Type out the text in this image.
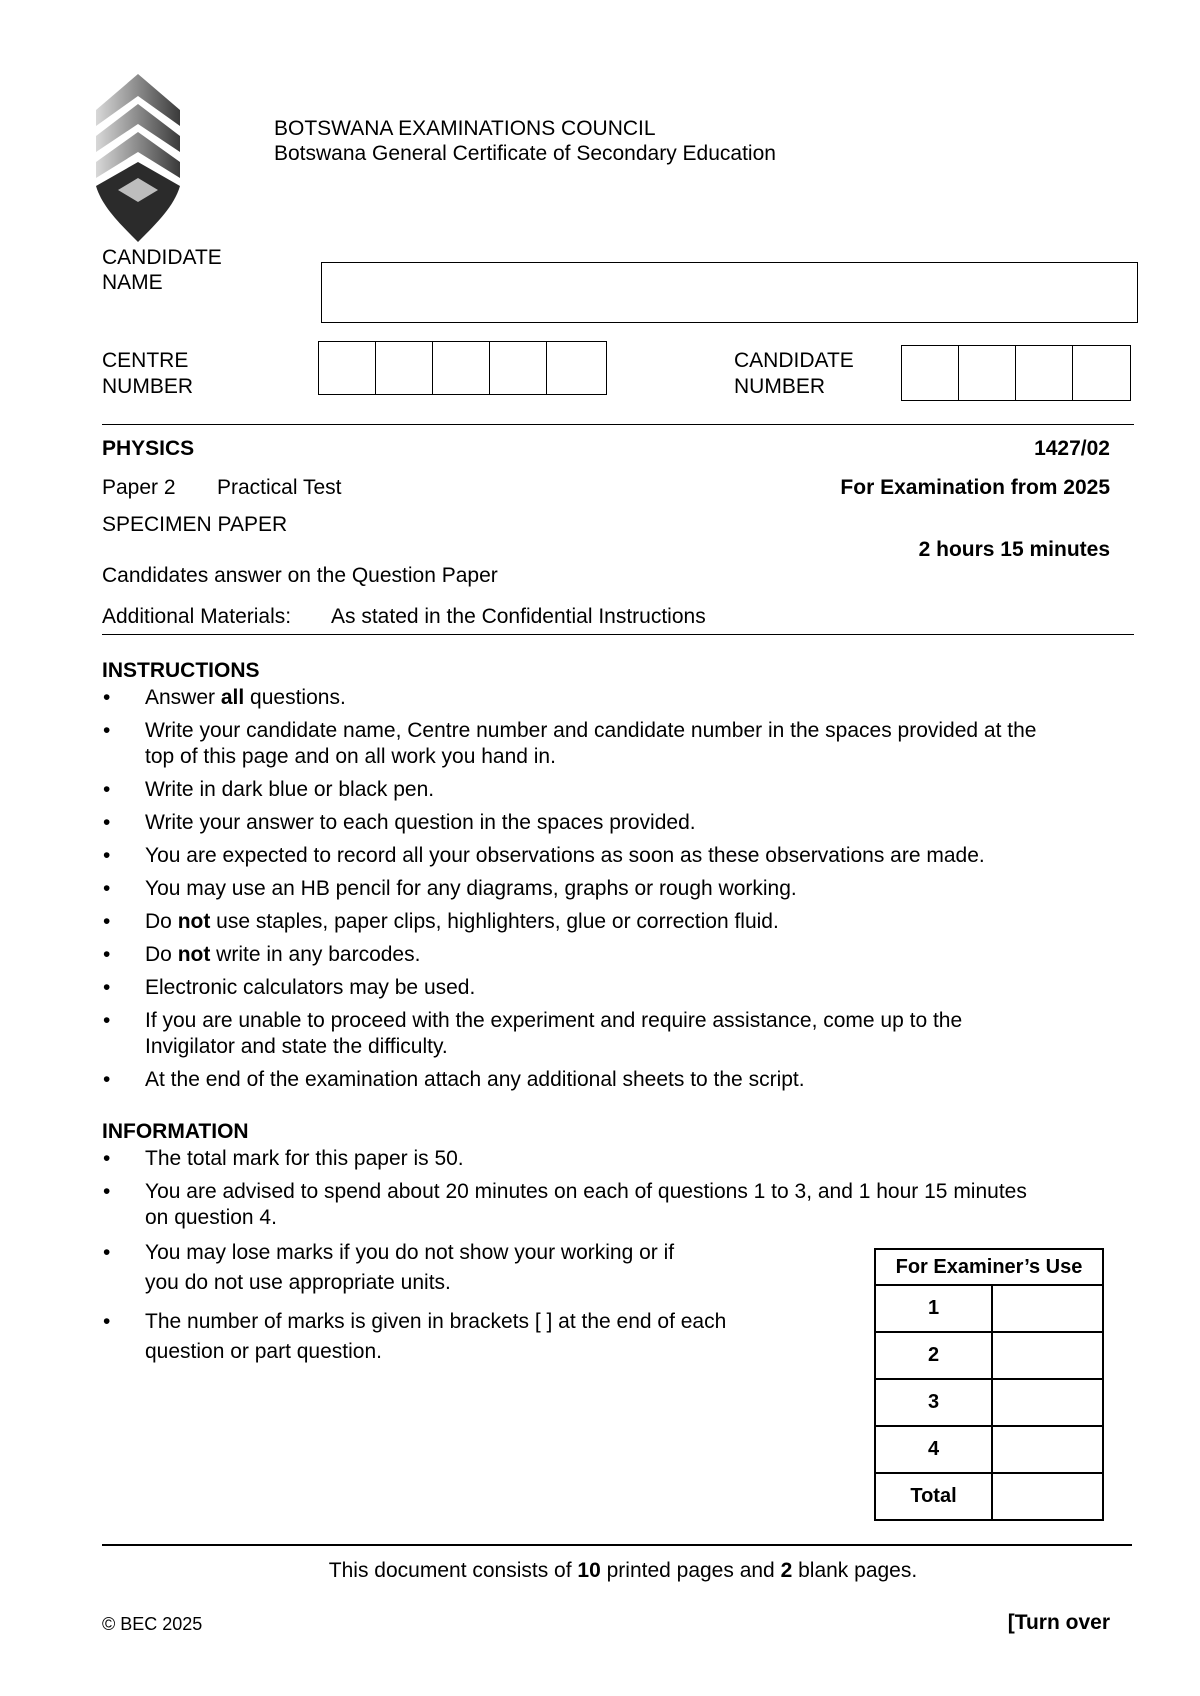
BOTSWANA EXAMINATIONS COUNCIL
Botswana General Certificate of Secondary Education
CANDIDATE
NAME
CENTRE
NUMBER
CANDIDATE
NUMBER
PHYSICS	1427/02
Paper 2 Practical Test	For Examination from 2025
SPECIMEN PAPER
2 hours 15 minutes
Candidates answer on the Question Paper
Additional Materials: As stated in the Confidential Instructions
INSTRUCTIONS
• Answer all questions.
• Write your candidate name, Centre number and candidate number in the spaces provided at the
top of this page and on all work you hand in.
• Write in dark blue or black pen.
• Write your answer to each question in the spaces provided.
• You are expected to record all your observations as soon as these observations are made.
• You may use an HB pencil for any diagrams, graphs or rough working.
• Do not use staples, paper clips, highlighters, glue or correction fluid.
• Do not write in any barcodes.
• Electronic calculators may be used.
• If you are unable to proceed with the experiment and require assistance, come up to the
Invigilator and state the difficulty.
• At the end of the examination attach any additional sheets to the script.
INFORMATION
• The total mark for this paper is 50.
• You are advised to spend about 20 minutes on each of questions 1 to 3, and 1 hour 15 minutes
on question 4.
• You may lose marks if you do not show your working or if
you do not use appropriate units.
• The number of marks is given in brackets [ ] at the end of each
question or part question.
For Examiner’s Use	
1	
2	
3	
4	
Total	
This document consists of 10 printed pages and 2 blank pages.
© BEC 2025	[Turn over
